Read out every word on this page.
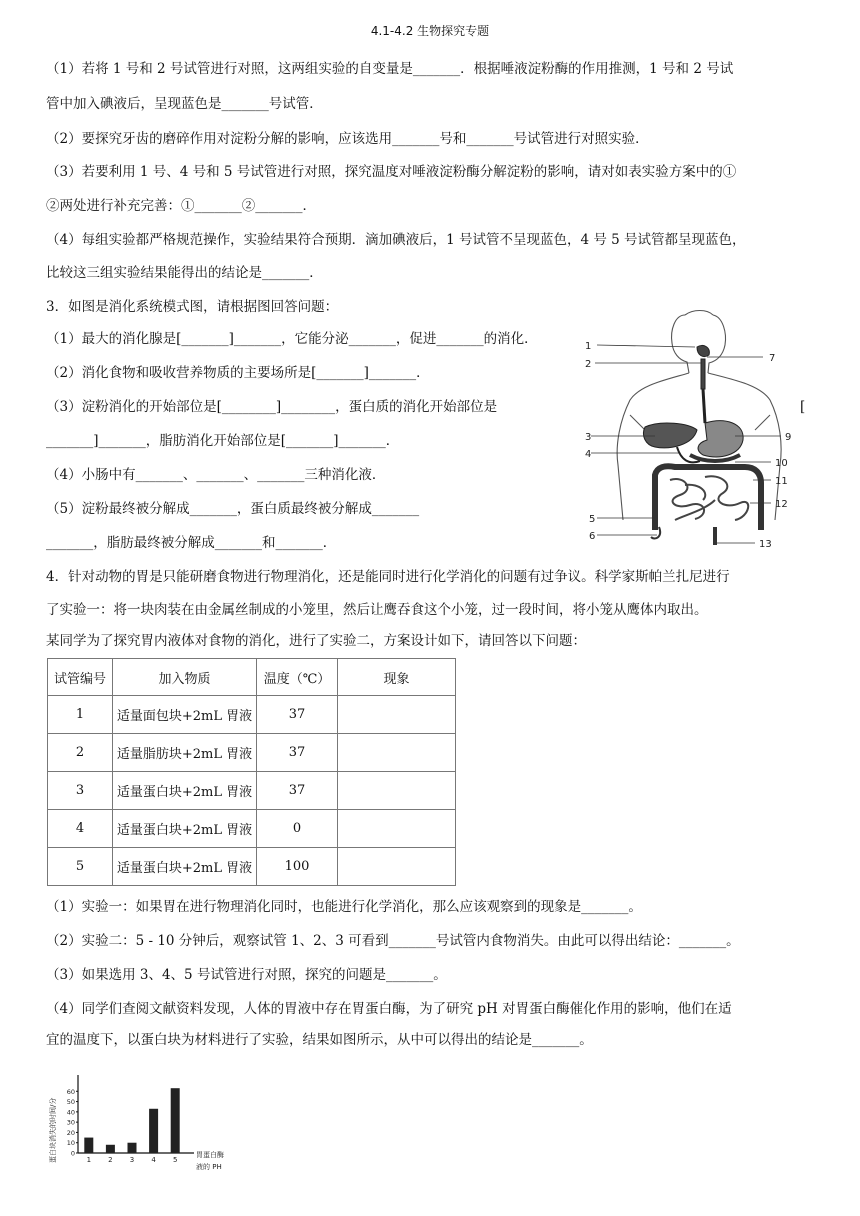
4.1-4.2 生物探究专题
（1）若将 1 号和 2 号试管进行对照，这两组实验的自变量是_______．根据唾液淀粉酶的作用推测，1 号和 2 号试
管中加入碘液后，呈现蓝色是_______号试管．
（2）要探究牙齿的磨碎作用对淀粉分解的影响，应该选用_______号和_______号试管进行对照实验．
（3）若要利用 1 号、4 号和 5 号试管进行对照，探究温度对唾液淀粉酶分解淀粉的影响，请对如表实验方案中的①
②两处进行补充完善：①_______②_______．
（4）每组实验都严格规范操作，实验结果符合预期．滴加碘液后，1 号试管不呈现蓝色，4 号 5 号试管都呈现蓝色，
比较这三组实验结果能得出的结论是_______．
3．如图是消化系统模式图，请根据图回答问题：
（1）最大的消化腺是[_______]_______，它能分泌_______，促进_______的消化．
（2）消化食物和吸收营养物质的主要场所是[_______]_______．
（3）淀粉消化的开始部位是[________]________，蛋白质的消化开始部位是	[
_______]_______，脂肪消化开始部位是[_______]_______．
（4）小肠中有_______、_______、_______三种消化液．
（5）淀粉最终被分解成_______，蛋白质最终被分解成_______
_______，脂肪最终被分解成_______和_______．
1
2
7
3
4
9
10
11
12
5
6
13
4．针对动物的胃是只能研磨食物进行物理消化，还是能同时进行化学消化的问题有过争议。科学家斯帕兰扎尼进行
了实验一：将一块肉装在由金属丝制成的小笼里，然后让鹰吞食这个小笼，过一段时间，将小笼从鹰体内取出。
某同学为了探究胃内液体对食物的消化，进行了实验二，方案设计如下，请回答以下问题：
试管编号	加入物质	温度（℃）	现象
1	适量面包块+2mL 胃液	37	
2	适量脂肪块+2mL 胃液	37	
3	适量蛋白块+2mL 胃液	37	
4	适量蛋白块+2mL 胃液	0	
5	适量蛋白块+2mL 胃液	100	
（1）实验一：如果胃在进行物理消化同时，也能进行化学消化，那么应该观察到的现象是_______。
（2）实验二：5 - 10 分钟后，观察试管 1、2、3 可看到_______号试管内食物消失。由此可以得出结论：_______。
（3）如果选用 3、4、5 号试管进行对照，探究的问题是_______。
（4）同学们查阅文献资料发现，人体的胃液中存在胃蛋白酶，为了研究 pH 对胃蛋白酶催化作用的影响，他们在适
宜的温度下，以蛋白块为材料进行了实验，结果如图所示，从中可以得出的结论是_______。
蛋白块消失的时间/分	胃蛋白酶
液的 PH
0
10
20
30
40
50
60
1 2 3 4 5
